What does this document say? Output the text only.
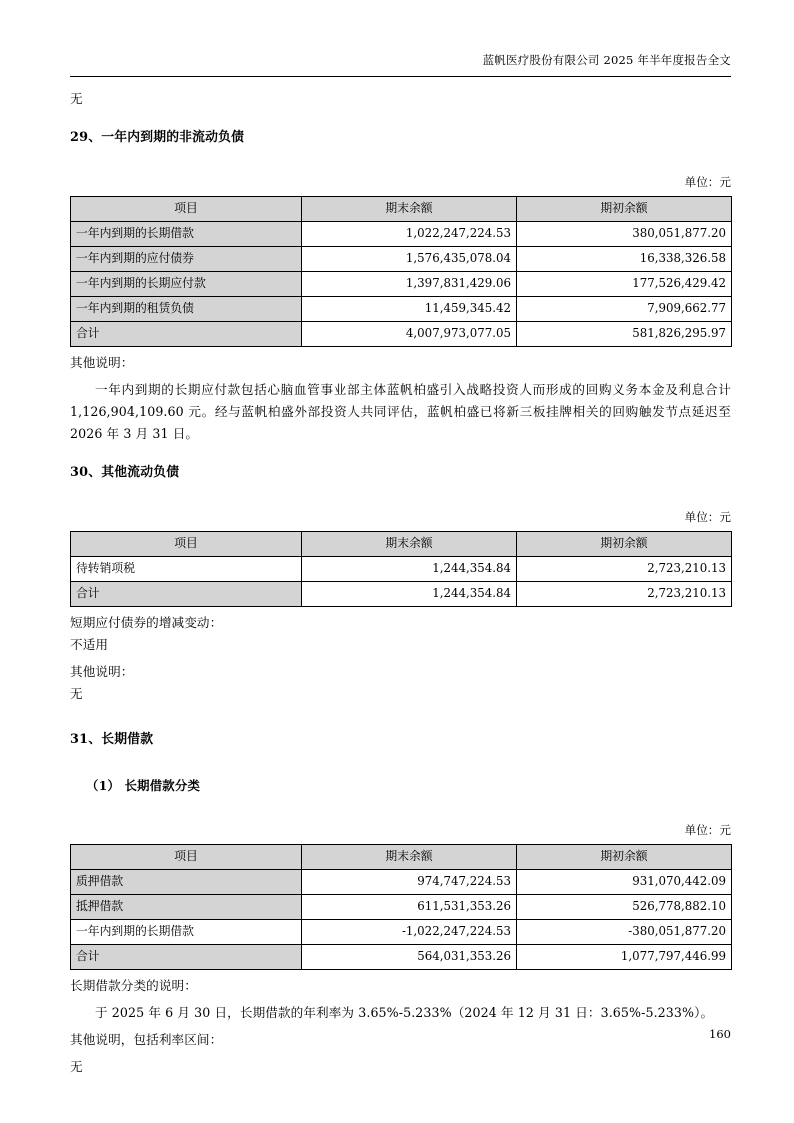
蓝帆医疗股份有限公司 2025 年半年度报告全文

无

29、一年内到期的非流动负债

单位：元

项目	期末余额	期初余额
一年内到期的长期借款	1,022,247,224.53	380,051,877.20
一年内到期的应付债券	1,576,435,078.04	16,338,326.58
一年内到期的长期应付款	1,397,831,429.06	177,526,429.42
一年内到期的租赁负债	11,459,345.42	7,909,662.77
合计	4,007,973,077.05	581,826,295.97

其他说明：

一年内到期的长期应付款包括心脑血管事业部主体蓝帆柏盛引入战略投资人而形成的回购义务本金及利息合计 1,126,904,109.60 元。经与蓝帆柏盛外部投资人共同评估，蓝帆柏盛已将新三板挂牌相关的回购触发节点延迟至 2026 年 3 月 31 日。

30、其他流动负债

单位：元

项目	期末余额	期初余额
待转销项税	1,244,354.84	2,723,210.13
合计	1,244,354.84	2,723,210.13

短期应付债券的增减变动：

不适用

其他说明：

无

31、长期借款

（1） 长期借款分类

单位：元

项目	期末余额	期初余额
质押借款	974,747,224.53	931,070,442.09
抵押借款	611,531,353.26	526,778,882.10
一年内到期的长期借款	-1,022,247,224.53	-380,051,877.20
合计	564,031,353.26	1,077,797,446.99

长期借款分类的说明：

于 2025 年 6 月 30 日，长期借款的年利率为 3.65%-5.233%（2024 年 12 月 31 日：3.65%-5.233%）。

其他说明，包括利率区间：

无

160
